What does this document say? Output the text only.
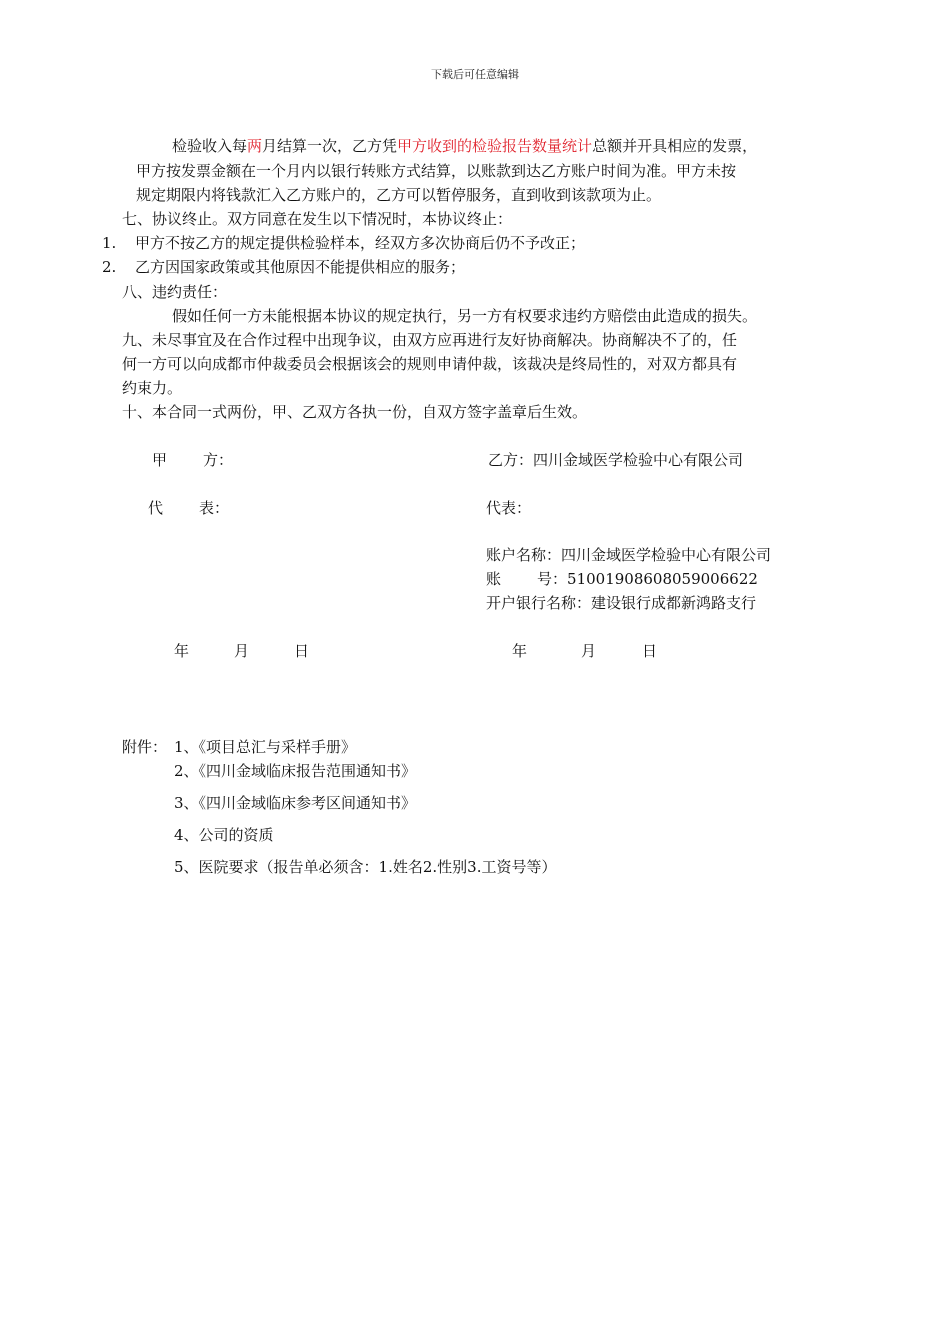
下载后可任意编辑
检验收入每两月结算一次，乙方凭甲方收到的检验报告数量统计总额并开具相应的发票，
甲方按发票金额在一个月内以银行转账方式结算，以账款到达乙方账户时间为准。甲方未按
规定期限内将钱款汇入乙方账户的，乙方可以暂停服务，直到收到该款项为止。
七、协议终止。双方同意在发生以下情况时，本协议终止：
1. 甲方不按乙方的规定提供检验样本，经双方多次协商后仍不予改正；
2. 乙方因国家政策或其他原因不能提供相应的服务；
八、违约责任：
假如任何一方未能根据本协议的规定执行，另一方有权要求违约方赔偿由此造成的损失。
九、未尽事宜及在合作过程中出现争议，由双方应再进行友好协商解决。协商解决不了的，任
何一方可以向成都市仲裁委员会根据该会的规则申请仲裁，该裁决是终局性的，对双方都具有
约束力。
十、本合同一式两份，甲、乙双方各执一份，自双方签字盖章后生效。
甲 方：
代 表：
乙方：四川金域医学检验中心有限公司
代表：
账户名称：四川金域医学检验中心有限公司
账 号：51001908608059006622
开户银行名称：建设银行成都新鸿路支行
年	月	日	年	月	日
附件： 1、《项目总汇与采样手册》
2、《四川金域临床报告范围通知书》
3、《四川金域临床参考区间通知书》
4、公司的资质
5、医院要求（报告单必须含：1.姓名2.性别3.工资号等）
